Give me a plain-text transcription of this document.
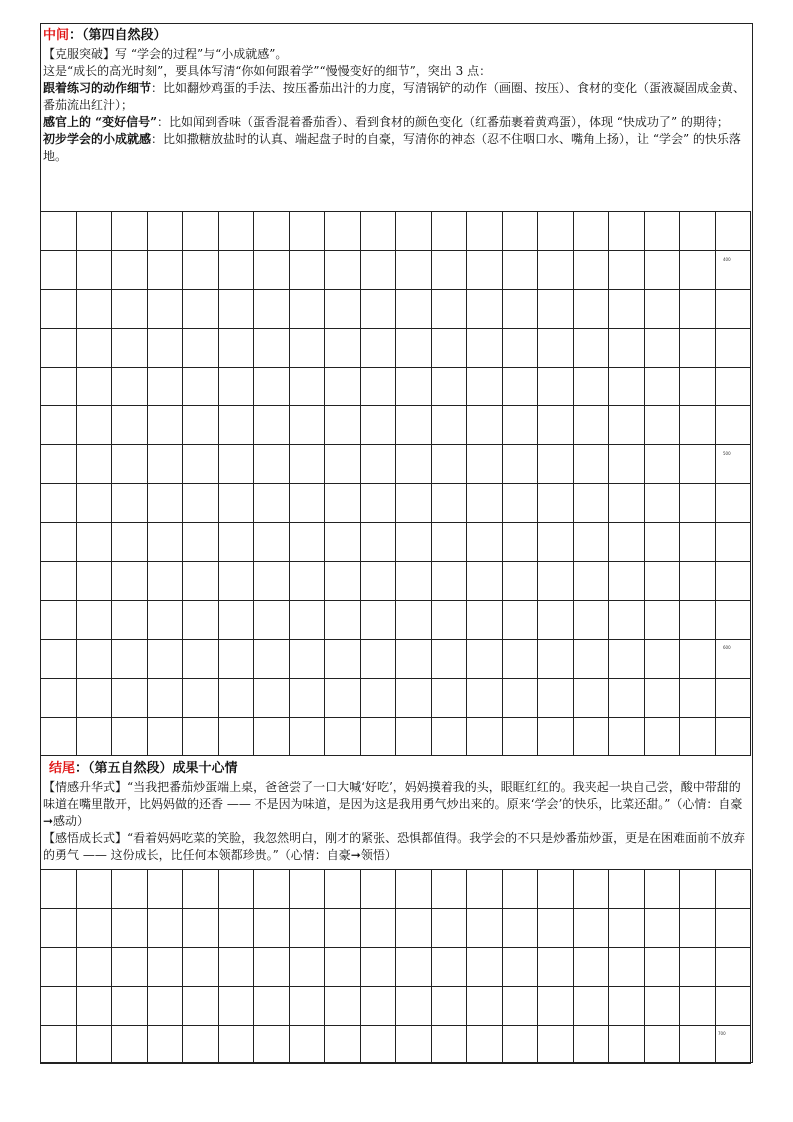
中间：（第四自然段）

【克服突破】写 “学会的过程”与“小成就感”。

这是“成长的高光时刻”，要具体写清“你如何跟着学”“慢慢变好的细节”，突出 3 点：

跟着练习的动作细节：比如翻炒鸡蛋的手法、按压番茄出汁的力度，写清锅铲的动作（画圈、按压）、食材的变化（蛋液凝固成金黄、番茄流出红汁）；

感官上的 “变好信号”：比如闻到香味（蛋香混着番茄香）、看到食材的颜色变化（红番茄裹着黄鸡蛋），体现 “快成功了” 的期待；

初步学会的小成就感：比如撒糖放盐时的认真、端起盘子时的自豪，写清你的神态（忍不住咽口水、嘴角上扬），让 “学会” 的快乐落地。

400
500
600

结尾：（第五自然段）成果十心情

【情感升华式】“当我把番茄炒蛋端上桌，爸爸尝了一口大喊‘好吃’，妈妈摸着我的头，眼眶红红的。我夹起一块自己尝，酸中带甜的味道在嘴里散开，比妈妈做的还香 —— 不是因为味道，是因为这是我用勇气炒出来的。原来‘学会’的快乐，比菜还甜。”（心情：自豪➞感动）

【感悟成长式】“看着妈妈吃菜的笑脸，我忽然明白，刚才的紧张、恐惧都值得。我学会的不只是炒番茄炒蛋，更是在困难面前不放弃的勇气 —— 这份成长，比任何本领都珍贵。”（心情：自豪➞领悟）

700
